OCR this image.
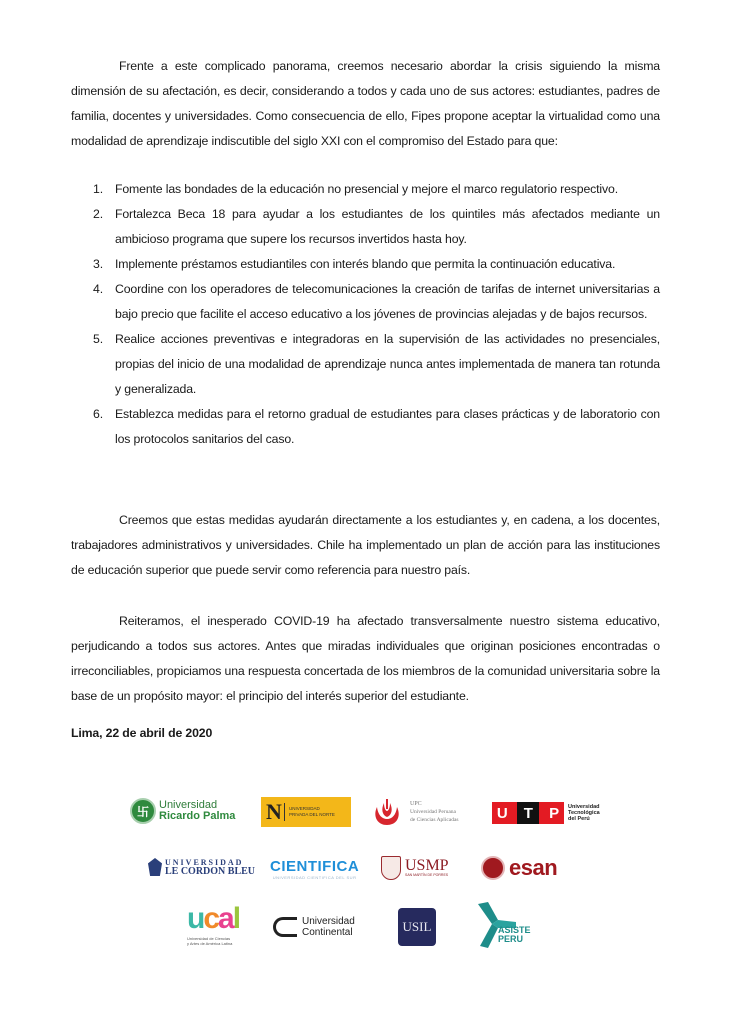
Frente a este complicado panorama, creemos necesario abordar la crisis siguiendo la misma dimensión de su afectación, es decir, considerando a todos y cada uno de sus actores: estudiantes, padres de familia, docentes y universidades. Como consecuencia de ello, Fipes propone aceptar la virtualidad como una modalidad de aprendizaje indiscutible del siglo XXI con el compromiso del Estado para que:
1. Fomente las bondades de la educación no presencial y mejore el marco regulatorio respectivo.
2. Fortalezca Beca 18 para ayudar a los estudiantes de los quintiles más afectados mediante un ambicioso programa que supere los recursos invertidos hasta hoy.
3. Implemente préstamos estudiantiles con interés blando que permita la continuación educativa.
4. Coordine con los operadores de telecomunicaciones la creación de tarifas de internet universitarias a bajo precio que facilite el acceso educativo a los jóvenes de provincias alejadas y de bajos recursos.
5. Realice acciones preventivas e integradoras en la supervisión de las actividades no presenciales, propias del inicio de una modalidad de aprendizaje nunca antes implementada de manera tan rotunda y generalizada.
6. Establezca medidas para el retorno gradual de estudiantes para clases prácticas y de laboratorio con los protocolos sanitarios del caso.
Creemos que estas medidas ayudarán directamente a los estudiantes y, en cadena, a los docentes, trabajadores administrativos y universidades. Chile ha implementado un plan de acción para las instituciones de educación superior que puede servir como referencia para nuestro país.
Reiteramos, el inesperado COVID-19 ha afectado transversalmente nuestro sistema educativo, perjudicando a todos sus actores. Antes que miradas individuales que originan posiciones encontradas o irreconciliables, propiciamos una respuesta concertada de los miembros de la comunidad universitaria sobre la base de un propósito mayor: el principio del interés superior del estudiante.
Lima, 22 de abril de 2020
卐 Universidad
Ricardo Palma N UNIVERSIDAD
PRIVADA DEL NORTE
UPC
Universidad Peruana
de Ciencias Aplicadas	U	T	P Universidad
Tecnológica
del Perú
UNIVERSIDAD
LE CORDON BLEU CIENTIFICA
UNIVERSIDAD CIENTIFICA DEL SUR
USMP
SAN MARTÍN DE PORRES	esan
ucal
Universidad de Ciencias
y Artes de América Latina
Universidad
Continental	USIL	ASISTE
PERU
